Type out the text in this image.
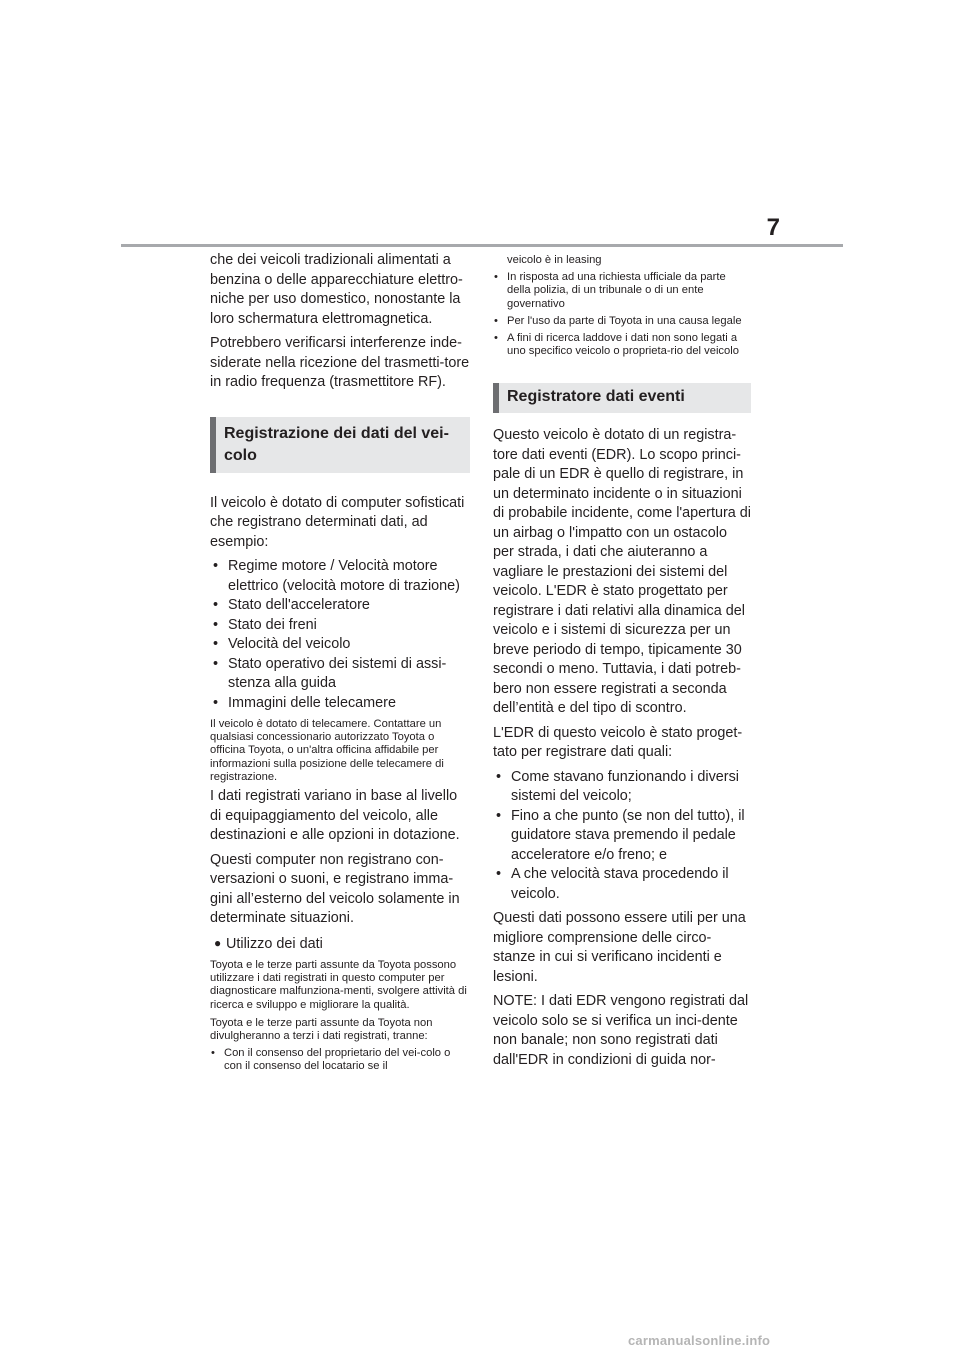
7

che dei veicoli tradizionali alimentati a benzina o delle apparecchiature elettro-niche per uso domestico, nonostante la loro schermatura elettromagnetica.

Potrebbero verificarsi interferenze inde-siderate nella ricezione del trasmetti-tore in radio frequenza (trasmettitore RF).

Registrazione dei dati del vei-colo

Il veicolo è dotato di computer sofisticati che registrano determinati dati, ad esempio:

• Regime motore / Velocità motore elettrico (velocità motore di trazione)
• Stato dell'acceleratore
• Stato dei freni
• Velocità del veicolo
• Stato operativo dei sistemi di assi-stenza alla guida
• Immagini delle telecamere

Il veicolo è dotato di telecamere. Contattare un qualsiasi concessionario autorizzato Toyota o officina Toyota, o un'altra officina affidabile per informazioni sulla posizione delle telecamere di registrazione.

I dati registrati variano in base al livello di equipaggiamento del veicolo, alle destinazioni e alle opzioni in dotazione.

Questi computer non registrano con-versazioni o suoni, e registrano imma-gini all’esterno del veicolo solamente in determinate situazioni.

● Utilizzo dei dati

Toyota e le terze parti assunte da Toyota possono utilizzare i dati registrati in questo computer per diagnosticare malfunziona-menti, svolgere attività di ricerca e sviluppo e migliorare la qualità.

Toyota e le terze parti assunte da Toyota non divulgheranno a terzi i dati registrati, tranne:

• Con il consenso del proprietario del vei-colo o con il consenso del locatario se il

veicolo è in leasing

• In risposta ad una richiesta ufficiale da parte della polizia, di un tribunale o di un ente governativo
• Per l'uso da parte di Toyota in una causa legale
• A fini di ricerca laddove i dati non sono legati a uno specifico veicolo o proprieta-rio del veicolo
Registratore dati eventi

Questo veicolo è dotato di un registra-tore dati eventi (EDR). Lo scopo princi-pale di un EDR è quello di registrare, in un determinato incidente o in situazioni di probabile incidente, come l'apertura di un airbag o l'impatto con un ostacolo per strada, i dati che aiuteranno a vagliare le prestazioni dei sistemi del veicolo. L'EDR è stato progettato per registrare i dati relativi alla dinamica del veicolo e i sistemi di sicurezza per un breve periodo di tempo, tipicamente 30 secondi o meno. Tuttavia, i dati potreb-bero non essere registrati a seconda dell’entità e del tipo di scontro.

L'EDR di questo veicolo è stato proget-tato per registrare dati quali:

• Come stavano funzionando i diversi sistemi del veicolo;
• Fino a che punto (se non del tutto), il guidatore stava premendo il pedale acceleratore e/o freno; e
• A che velocità stava procedendo il veicolo.

Questi dati possono essere utili per una migliore comprensione delle circo-stanze in cui si verificano incidenti e lesioni.

NOTE: I dati EDR vengono registrati dal veicolo solo se si verifica un inci-dente non banale; non sono registrati dati dall'EDR in condizioni di guida nor-

carmanualsonline.info
